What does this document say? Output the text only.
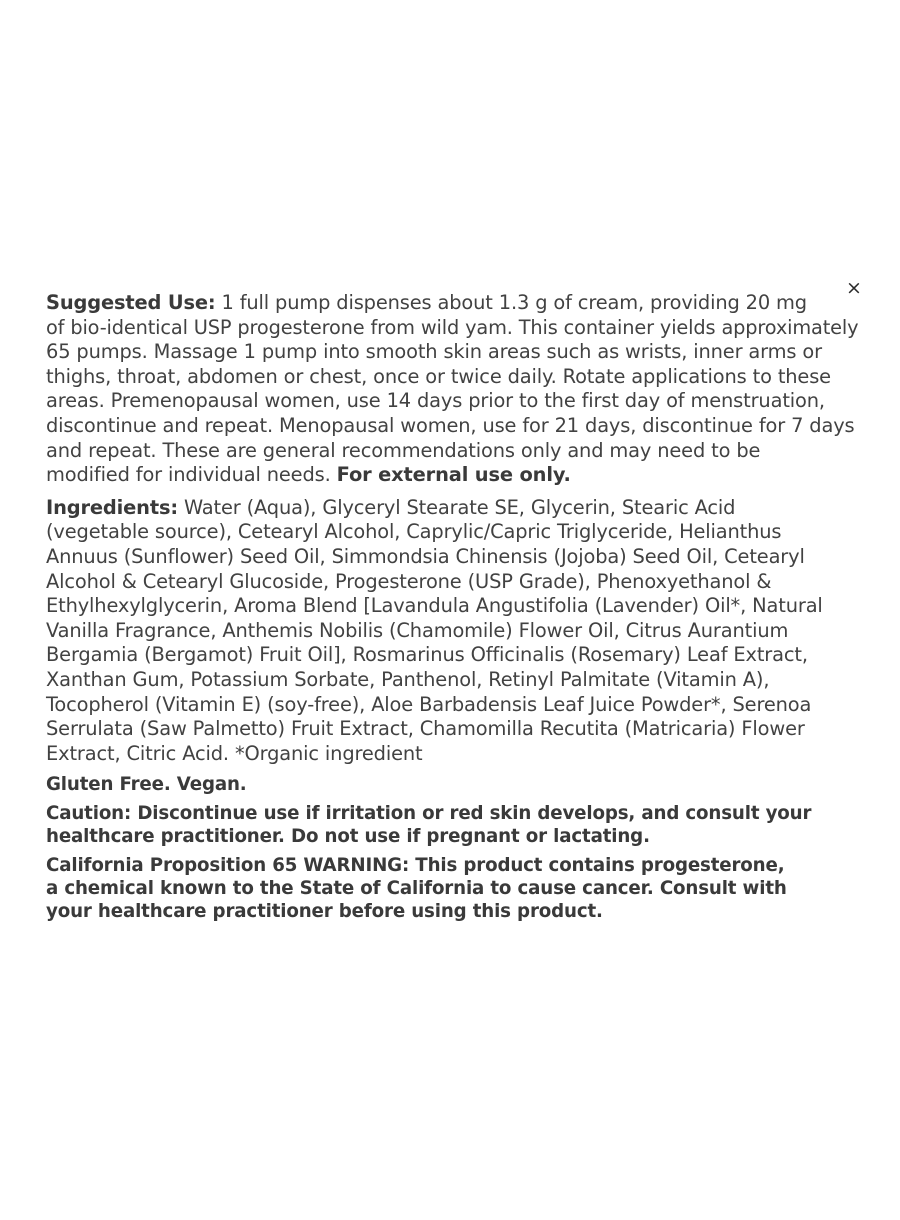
×

Suggested Use: 1 full pump dispenses about 1.3 g of cream, providing 20 mg
of bio-identical USP progesterone from wild yam. This container yields approximately
65 pumps. Massage 1 pump into smooth skin areas such as wrists, inner arms or
thighs, throat, abdomen or chest, once or twice daily. Rotate applications to these
areas. Premenopausal women, use 14 days prior to the first day of menstruation,
discontinue and repeat. Menopausal women, use for 21 days, discontinue for 7 days
and repeat. These are general recommendations only and may need to be
modified for individual needs. For external use only.

Ingredients: Water (Aqua), Glyceryl Stearate SE, Glycerin, Stearic Acid
(vegetable source), Cetearyl Alcohol, Caprylic/Capric Triglyceride, Helianthus
Annuus (Sunflower) Seed Oil, Simmondsia Chinensis (Jojoba) Seed Oil, Cetearyl
Alcohol & Cetearyl Glucoside, Progesterone (USP Grade), Phenoxyethanol &
Ethylhexylglycerin, Aroma Blend [Lavandula Angustifolia (Lavender) Oil*, Natural
Vanilla Fragrance, Anthemis Nobilis (Chamomile) Flower Oil, Citrus Aurantium
Bergamia (Bergamot) Fruit Oil], Rosmarinus Officinalis (Rosemary) Leaf Extract,
Xanthan Gum, Potassium Sorbate, Panthenol, Retinyl Palmitate (Vitamin A),
Tocopherol (Vitamin E) (soy-free), Aloe Barbadensis Leaf Juice Powder*, Serenoa
Serrulata (Saw Palmetto) Fruit Extract, Chamomilla Recutita (Matricaria) Flower
Extract, Citric Acid. *Organic ingredient

Gluten Free. Vegan.

Caution: Discontinue use if irritation or red skin develops, and consult your
healthcare practitioner. Do not use if pregnant or lactating.

California Proposition 65 WARNING: This product contains progesterone,
a chemical known to the State of California to cause cancer. Consult with
your healthcare practitioner before using this product.
